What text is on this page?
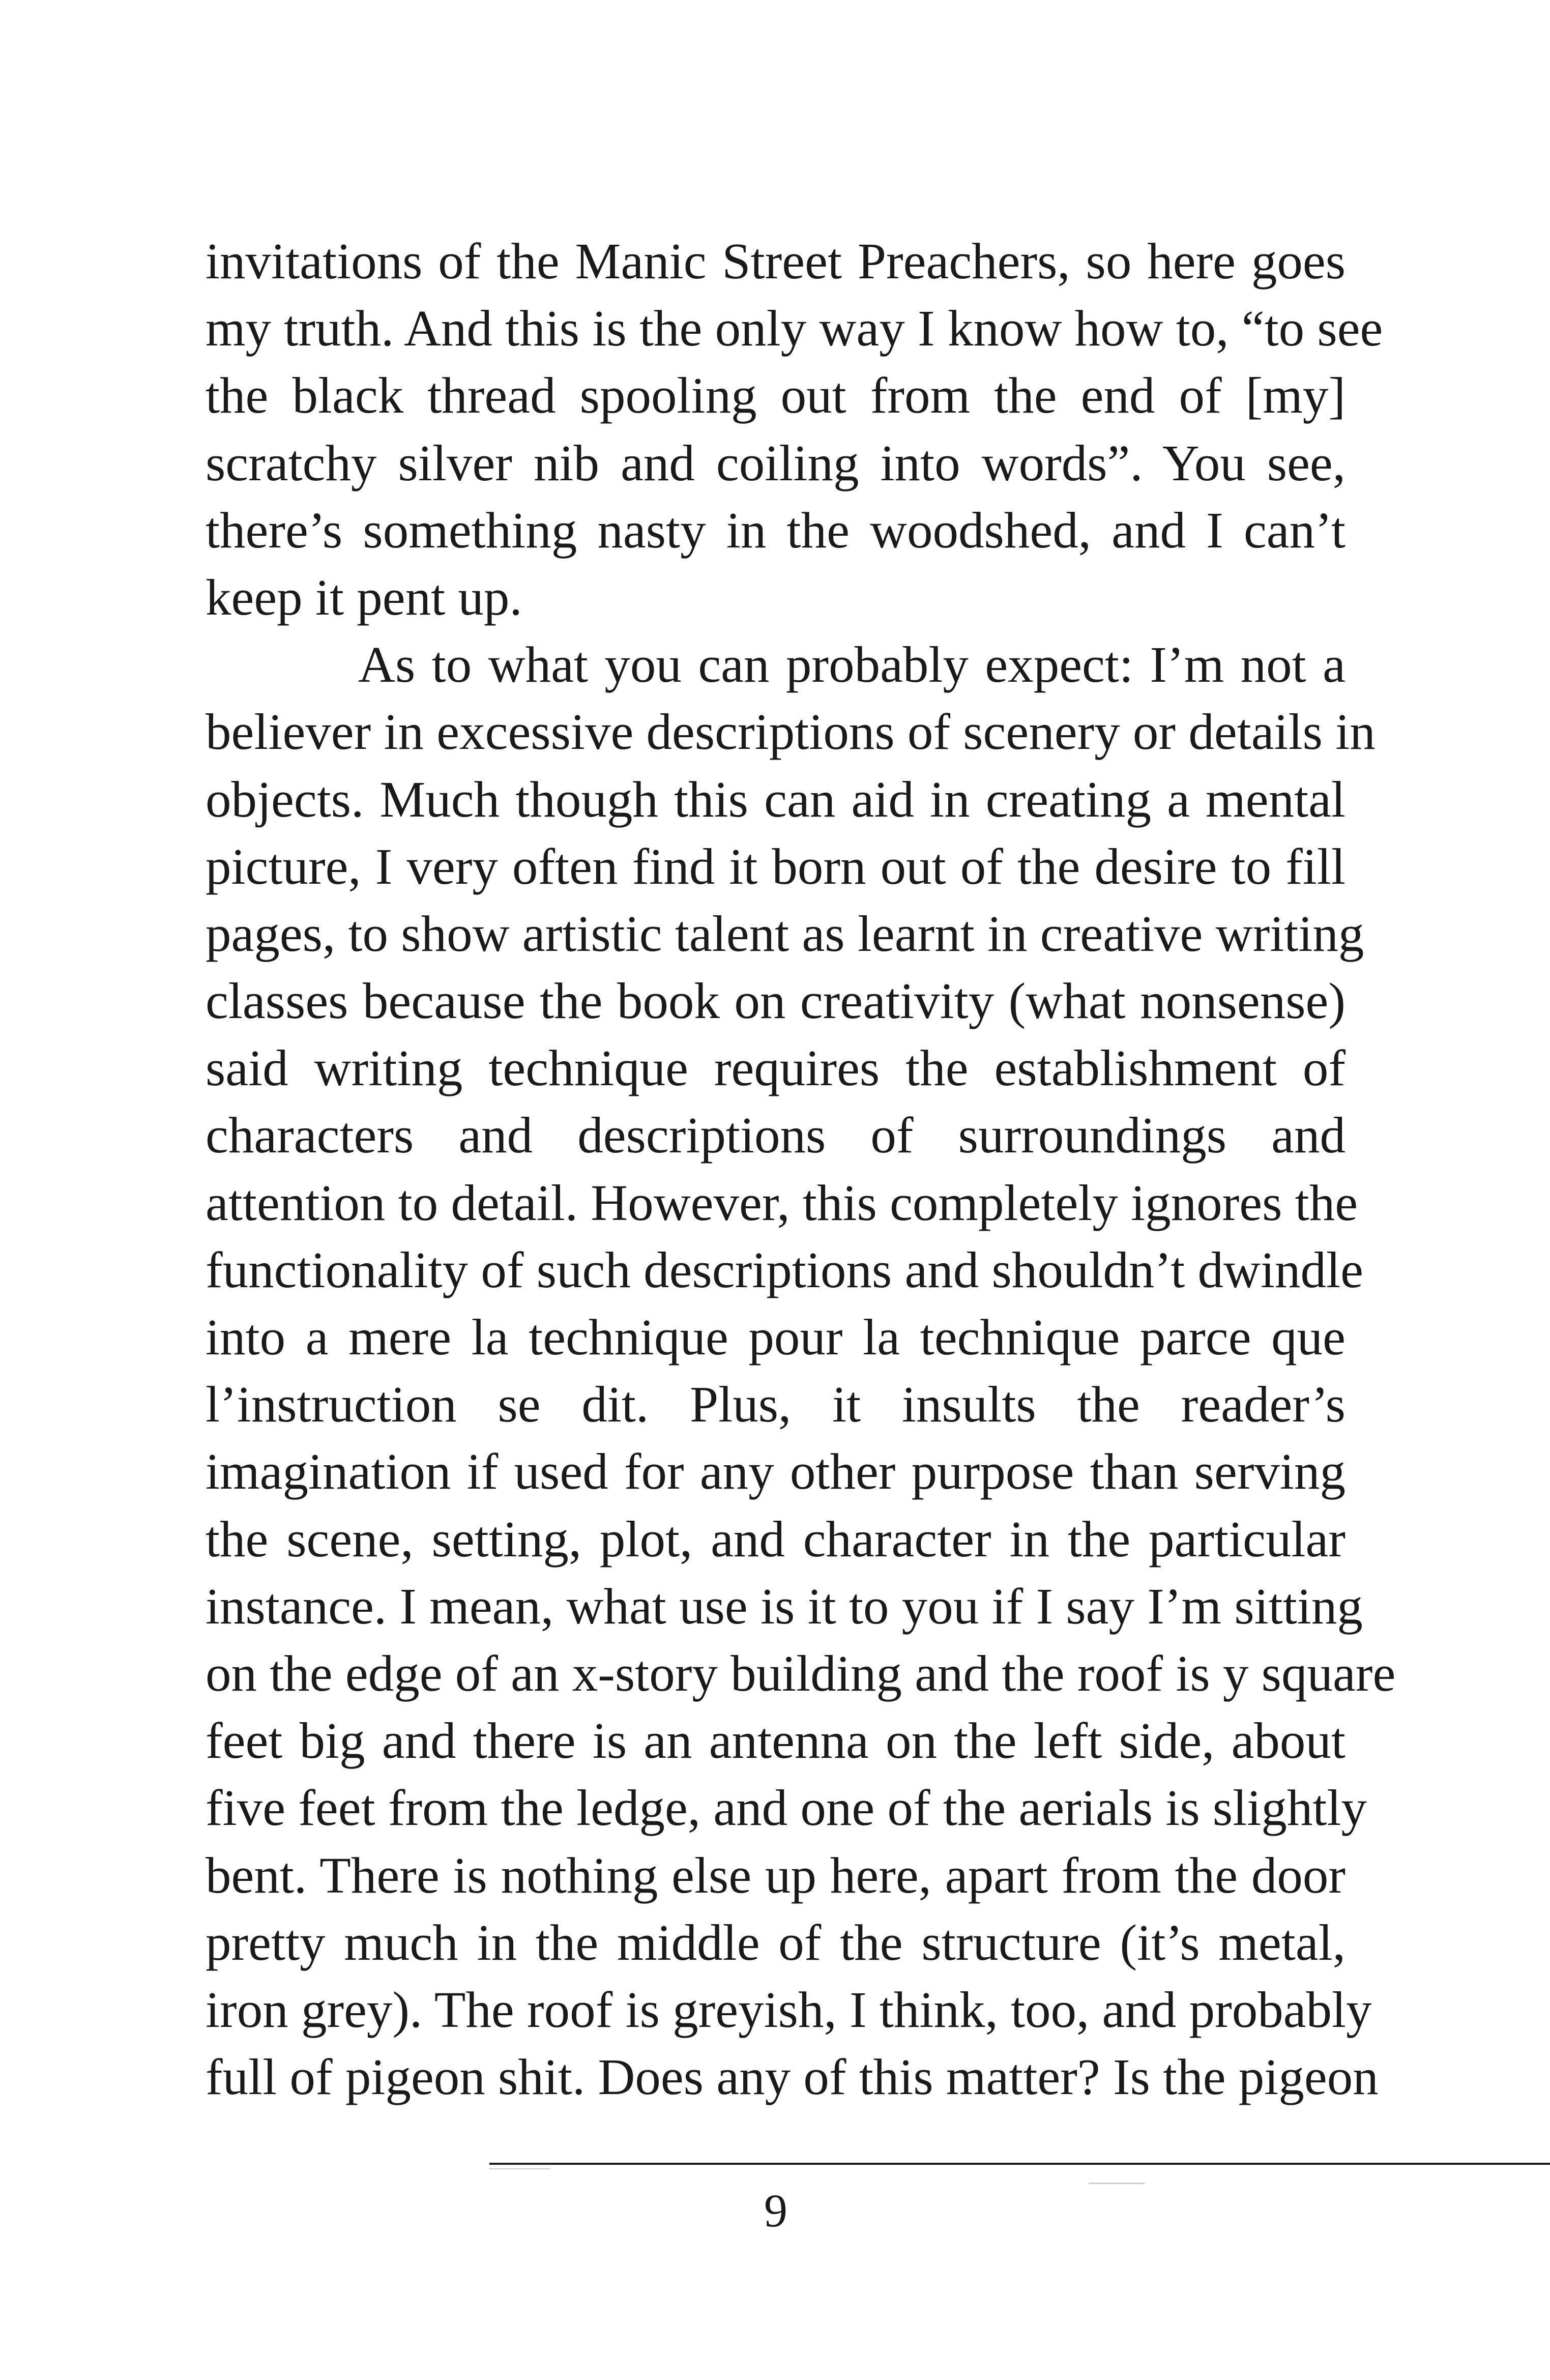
invitations of the Manic Street Preachers, so here goes
my truth. And this is the only way I know how to, “to see
the black thread spooling out from the end of [my]
scratchy silver nib and coiling into words”. You see,
there’s something nasty in the woodshed, and I can’t
keep it pent up.
As to what you can probably expect: I’m not a
believer in excessive descriptions of scenery or details in
objects. Much though this can aid in creating a mental
picture, I very often find it born out of the desire to fill
pages, to show artistic talent as learnt in creative writing
classes because the book on creativity (what nonsense)
said writing technique requires the establishment of
characters and descriptions of surroundings and
attention to detail. However, this completely ignores the
functionality of such descriptions and shouldn’t dwindle
into a mere la technique pour la technique parce que
l’instruction se dit. Plus, it insults the reader’s
imagination if used for any other purpose than serving
the scene, setting, plot, and character in the particular
instance. I mean, what use is it to you if I say I’m sitting
on the edge of an x-story building and the roof is y square
feet big and there is an antenna on the left side, about
five feet from the ledge, and one of the aerials is slightly
bent. There is nothing else up here, apart from the door
pretty much in the middle of the structure (it’s metal,
iron grey). The roof is greyish, I think, too, and probably
full of pigeon shit. Does any of this matter? Is the pigeon
9
